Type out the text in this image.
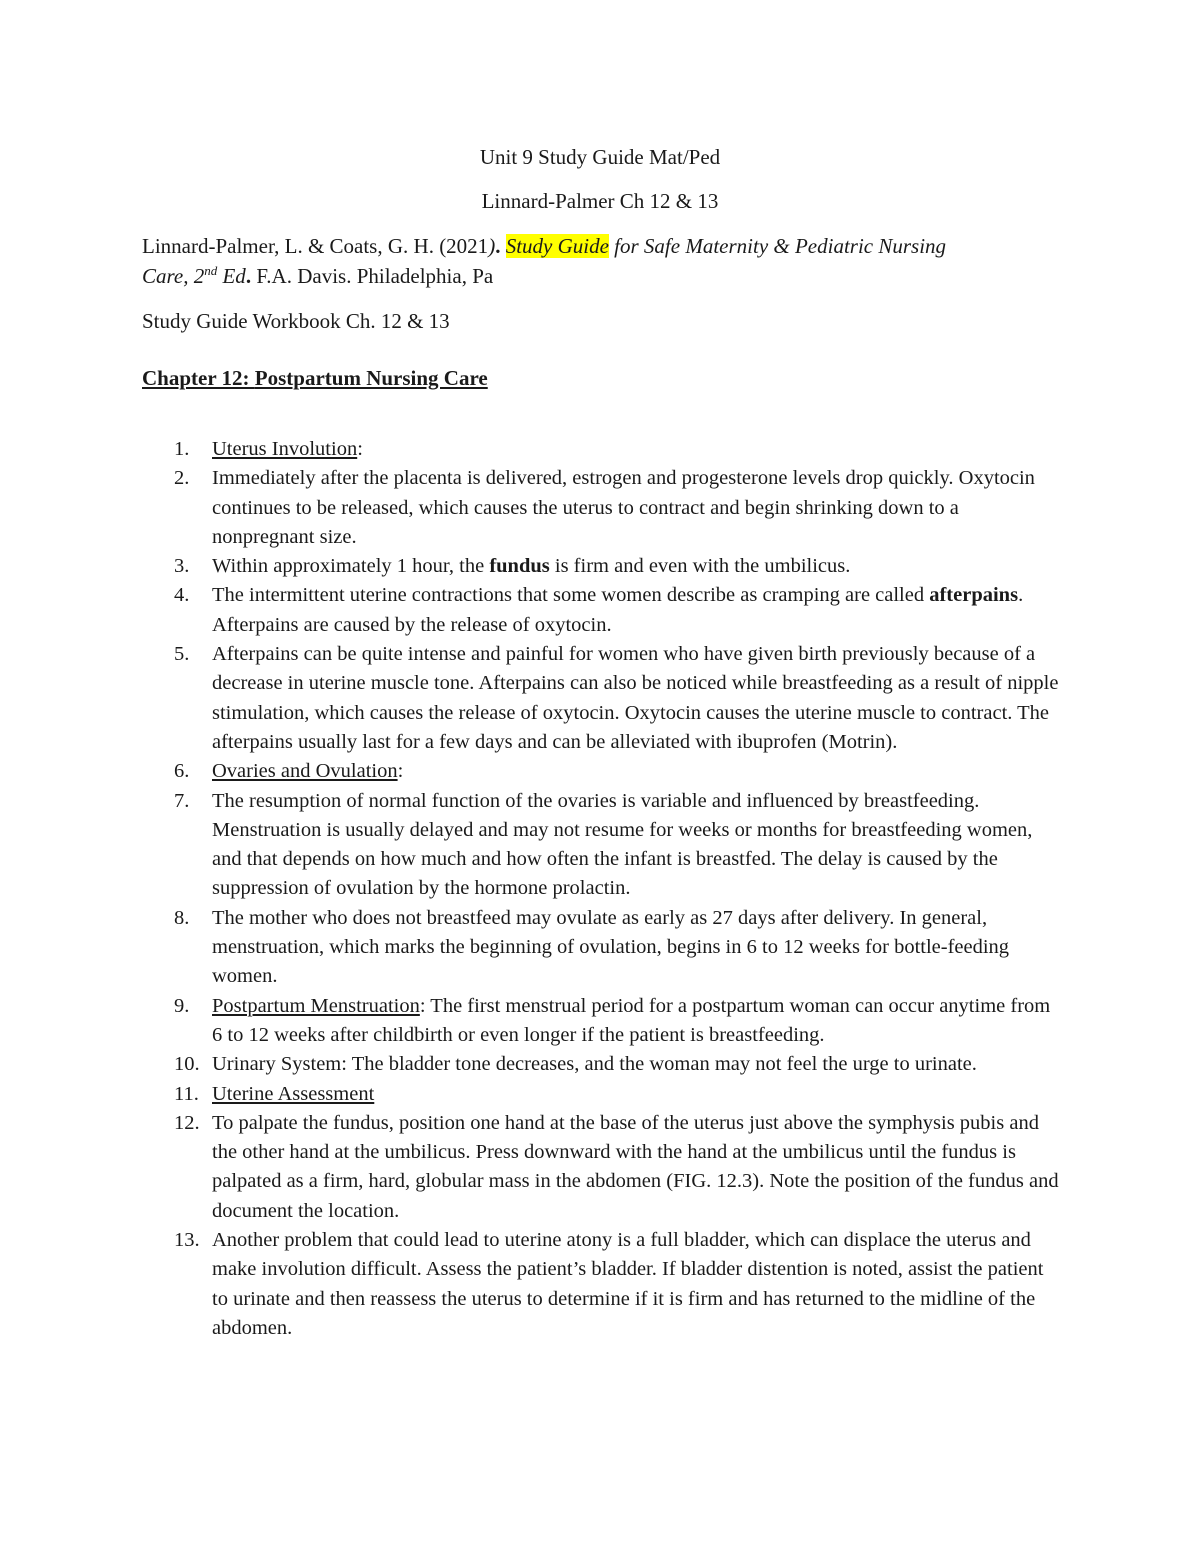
Unit 9 Study Guide Mat/Ped
Linnard-Palmer Ch 12 & 13
Linnard-Palmer, L. & Coats, G. H. (2021). Study Guide for Safe Maternity & Pediatric Nursing
Care, 2nd Ed. F.A. Davis. Philadelphia, Pa
Study Guide Workbook Ch. 12 & 13
Chapter 12: Postpartum Nursing Care
1. Uterus Involution:
2. Immediately after the placenta is delivered, estrogen and progesterone levels drop quickly. Oxytocin continues to be released, which causes the uterus to contract and begin shrinking down to a nonpregnant size.
3. Within approximately 1 hour, the fundus is firm and even with the umbilicus.
4. The intermittent uterine contractions that some women describe as cramping are called afterpains. Afterpains are caused by the release of oxytocin.
5. Afterpains can be quite intense and painful for women who have given birth previously because of a decrease in uterine muscle tone. Afterpains can also be noticed while breastfeeding as a result of nipple stimulation, which causes the release of oxytocin. Oxytocin causes the uterine muscle to contract. The afterpains usually last for a few days and can be alleviated with ibuprofen (Motrin).
6. Ovaries and Ovulation:
7. The resumption of normal function of the ovaries is variable and influenced by breastfeeding. Menstruation is usually delayed and may not resume for weeks or months for breastfeeding women, and that depends on how much and how often the infant is breastfed. The delay is caused by the suppression of ovulation by the hormone prolactin.
8. The mother who does not breastfeed may ovulate as early as 27 days after delivery. In general, menstruation, which marks the beginning of ovulation, begins in 6 to 12 weeks for bottle-feeding women.
9. Postpartum Menstruation: The first menstrual period for a postpartum woman can occur anytime from 6 to 12 weeks after childbirth or even longer if the patient is breastfeeding.
10. Urinary System: The bladder tone decreases, and the woman may not feel the urge to urinate.
11. Uterine Assessment
12. To palpate the fundus, position one hand at the base of the uterus just above the symphysis pubis and the other hand at the umbilicus. Press downward with the hand at the umbilicus until the fundus is palpated as a firm, hard, globular mass in the abdomen (FIG. 12.3). Note the position of the fundus and document the location.
13. Another problem that could lead to uterine atony is a full bladder, which can displace the uterus and make involution difficult. Assess the patient’s bladder. If bladder distention is noted, assist the patient to urinate and then reassess the uterus to determine if it is firm and has returned to the midline of the abdomen.
